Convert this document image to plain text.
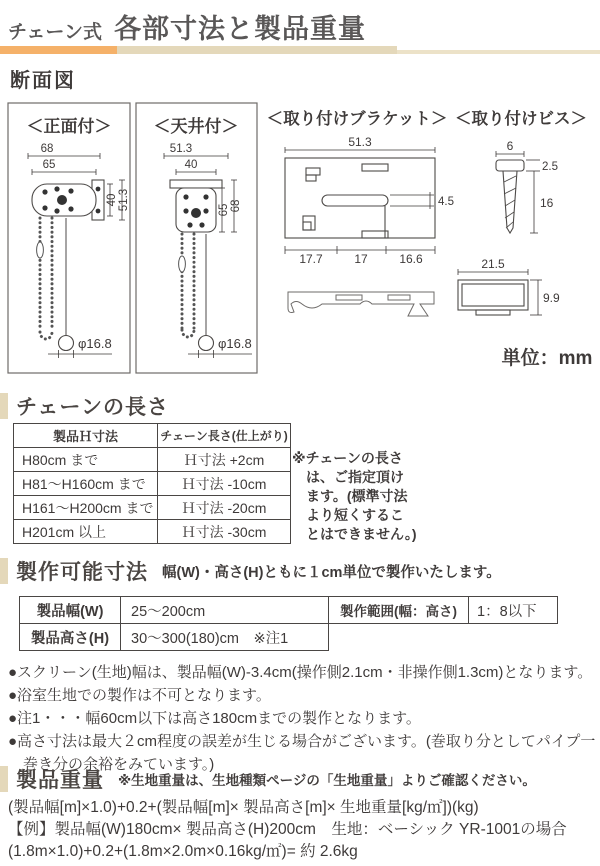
チェーン式 各部寸法と製品重量
断面図
＜正面付＞
68
65
40 51.3
φ16.8
＜天井付＞
51.3
40
65 68
φ16.8
＜取り付けブラケット＞
51.3
4.5
17.7	17	16.6	21.5
9.9
＜取り付けビス＞
6
2.5
16
単位：mm
チェーンの長さ
製品Ｈ寸法	チェーン長さ(仕上がり)
H80cm まで	Ｈ寸法 +2cm
H81〜H160cm まで	Ｈ寸法 -10cm
H161〜H200cm まで	Ｈ寸法 -20cm
H201cm 以上	Ｈ寸法 -30cm
※チェーンの長さ
は、ご指定頂け
ます。(標準寸法
より短くするこ
とはできません。)
製作可能寸法 幅(W)・高さ(H)ともに１cm単位で製作いたします。
製品幅(W)	25〜200cm	製作範囲(幅：高さ)	1：8以下
製品高さ(H)	30〜300(180)cm　※注1		
●スクリーン(生地)幅は、製品幅(W)-3.4cm(操作側2.1cm・非操作側1.3cm)となります。
●浴室生地での製作は不可となります。
●注1・・・幅60cm以下は高さ180cmまでの製作となります。
●高さ寸法は最大２cm程度の誤差が生じる場合がございます。(巻取り分としてパイプ一巻き分の余裕をみています。)
製品重量 ※生地重量は、生地種類ページの「生地重量」よりご確認ください。
(製品幅[m]×1.0)+0.2+(製品幅[m]× 製品高さ[m]× 生地重量[kg/㎡])(kg)
【例】製品幅(W)180cm× 製品高さ(H)200cm　生地：ベーシック YR-1001の場合
(1.8m×1.0)+0.2+(1.8m×2.0m×0.16kg/㎡)= 約 2.6kg
